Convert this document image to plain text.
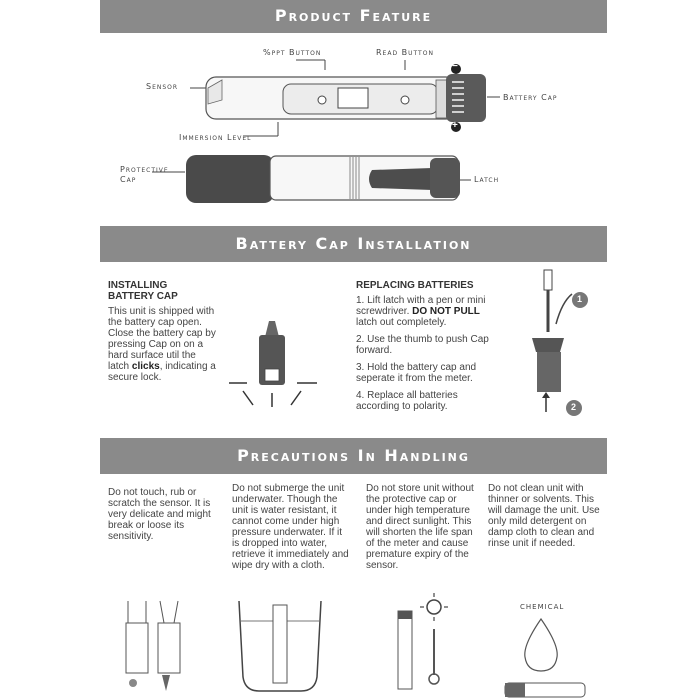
Product Feature
Battery Cap Installation
Precautions In Handling
%ppt Button	Read Button
Sensor
Battery Cap
Immersion Level
Protective
Cap	Latch
−
+
INSTALLING
BATTERY CAP
This unit is shipped with the battery cap open. Close the battery cap by pressing Cap on on a hard surface util the latch clicks, indicating a secure lock.
REPLACING BATTERIES
1. Lift latch with a pen or mini screwdriver. DO NOT PULL latch out completely.
2. Use the thumb to push Cap forward.
3. Hold the battery cap and seperate it from the meter.
4. Replace all batteries according to polarity.
1
2
Do not touch, rub or scratch the sensor. It is very delicate and might break or loose its sensitivity.
Do not submerge the unit underwater. Though the unit is water resistant, it cannot come under high pressure underwater. If it is dropped into water, retrieve it immediately and wipe dry with a cloth.
Do not store unit without the protective cap or under high temperature and direct sunlight. This will shorten the life span of the meter and cause premature expiry of the sensor.
Do not clean unit with thinner or solvents. This will damage the unit. Use only mild detergent on damp cloth to clean and rinse unit if needed.
CHEMICAL
